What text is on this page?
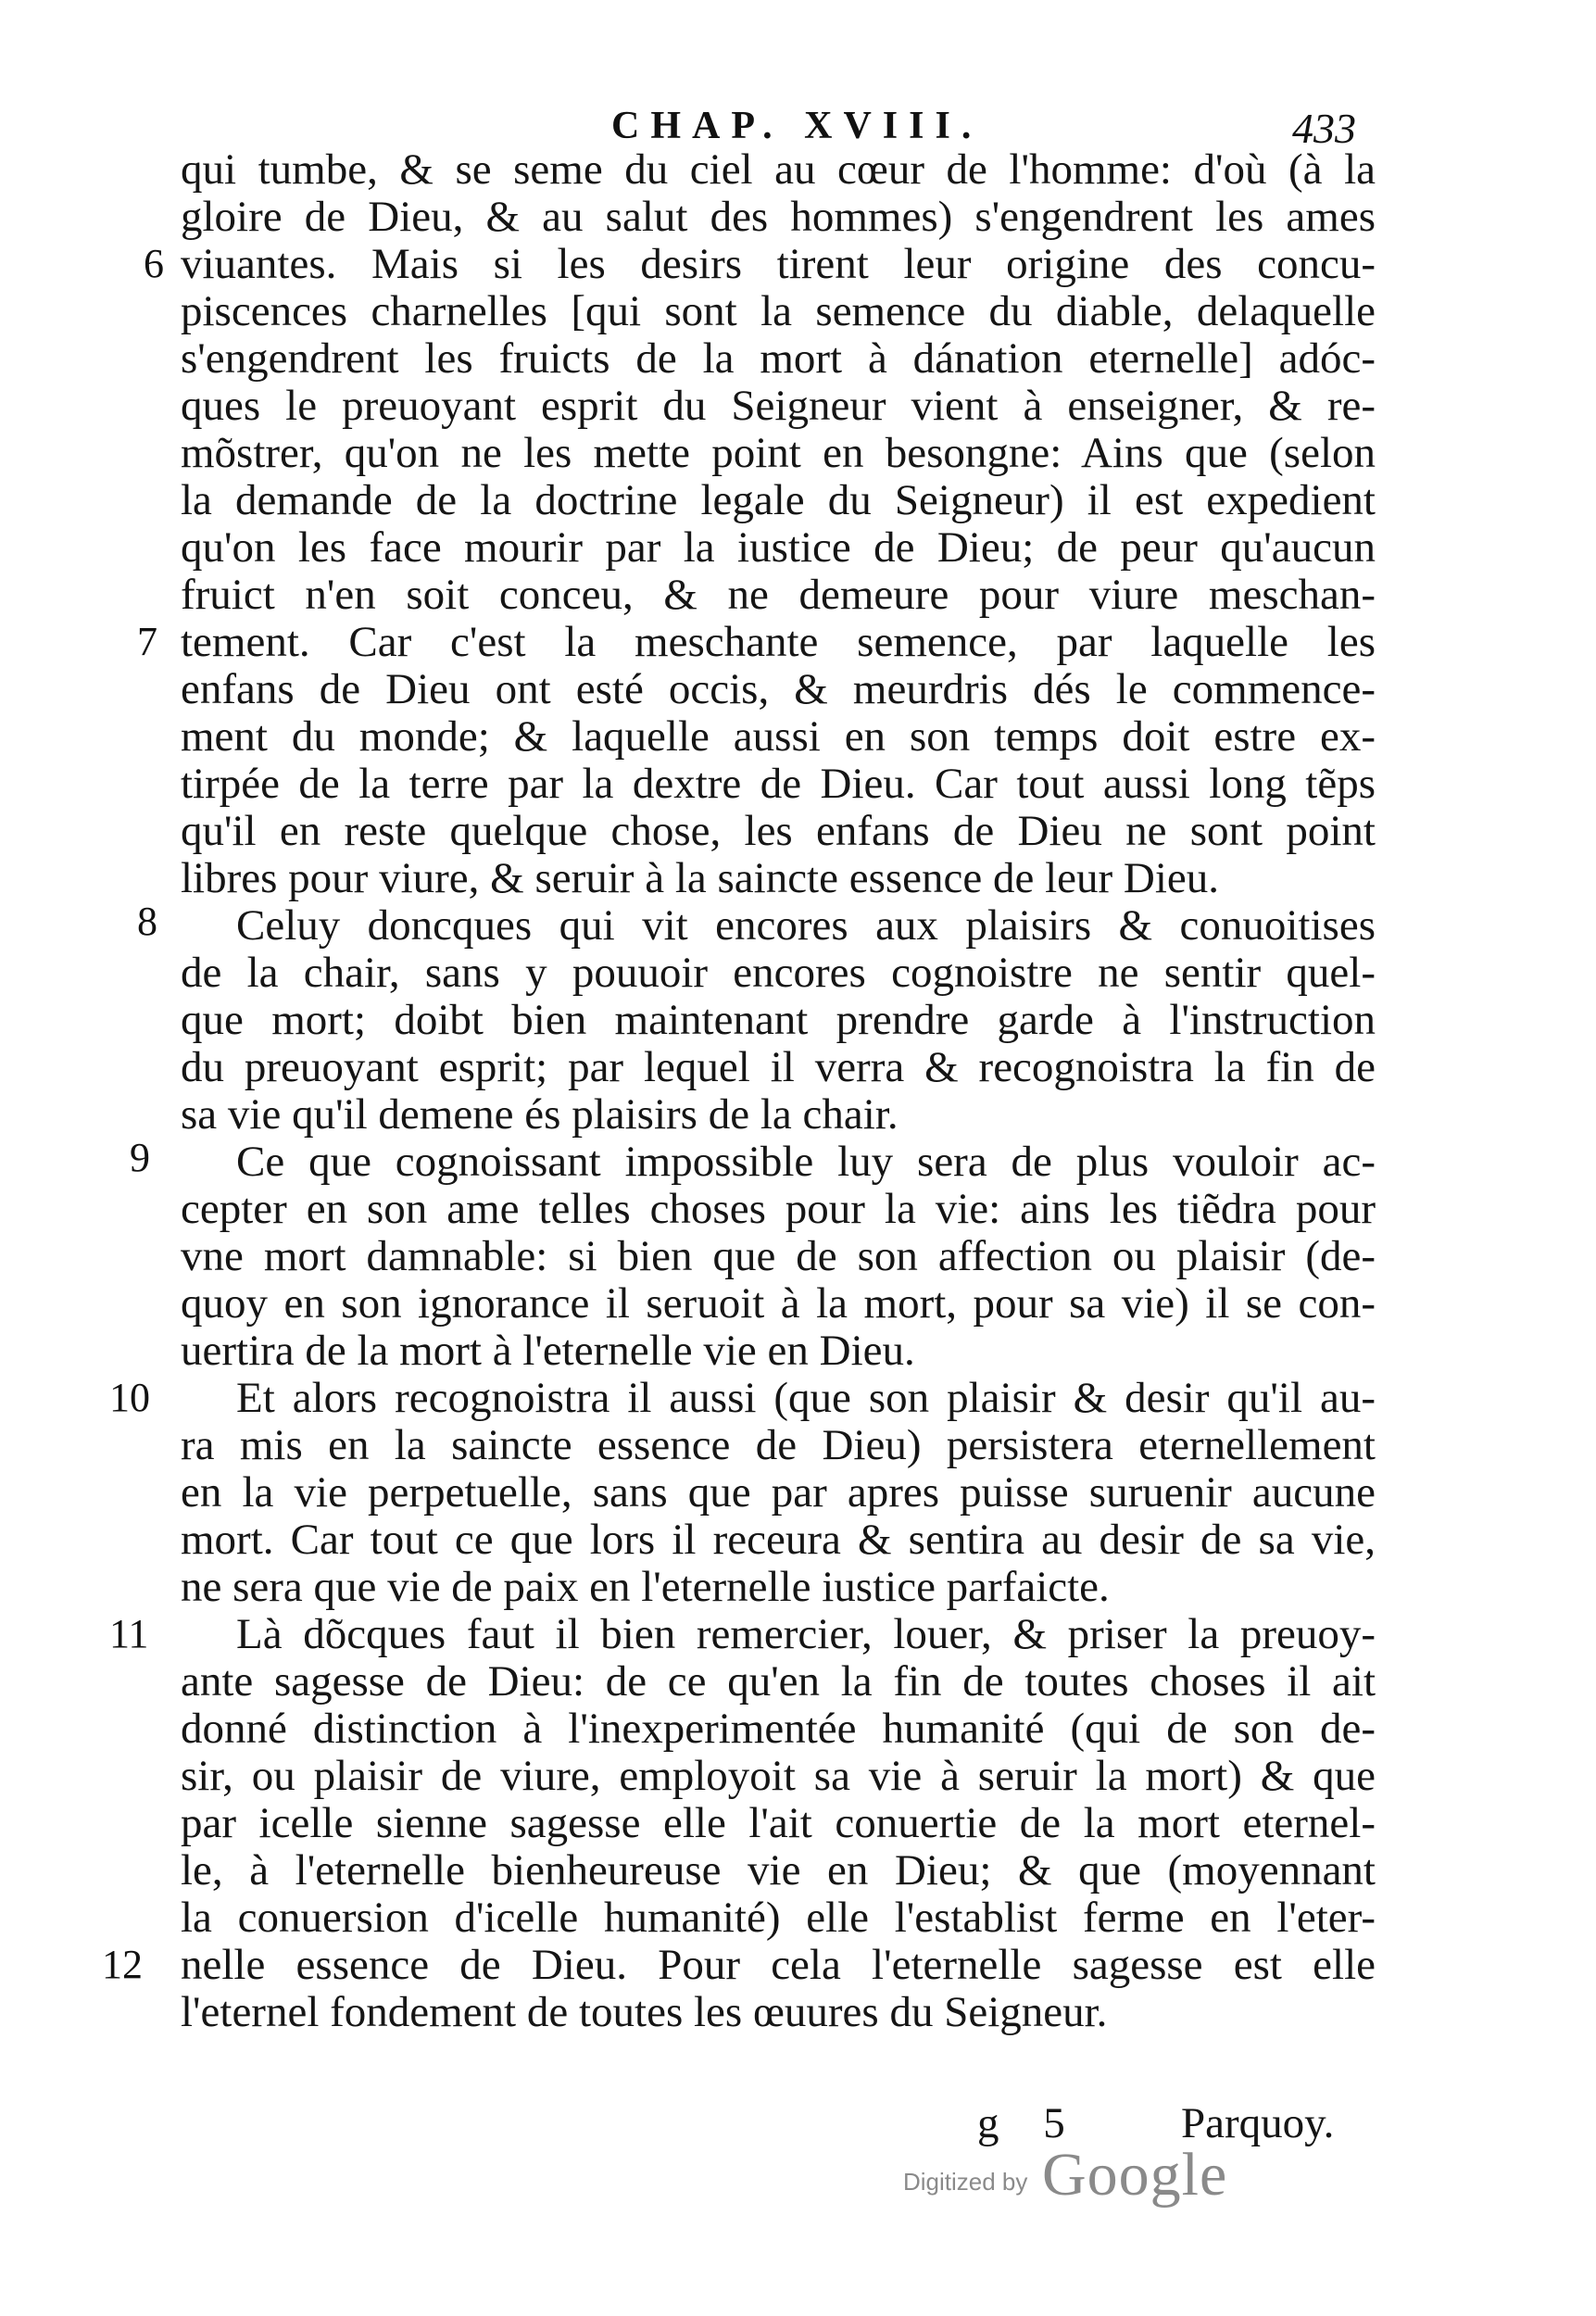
CHAP. XVIII.	433
qui tumbe, & se seme du ciel au cœur de l'homme: d'où (à la
gloire de Dieu, & au salut des hommes) s'engendrent les ames
viuantes. Mais si les desirs tirent leur origine des concu-
piscences charnelles [qui sont la semence du diable, delaquelle
s'engendrent les fruicts de la mort à dánation eternelle] adóc-
ques le preuoyant esprit du Seigneur vient à enseigner, & re-
mõstrer, qu'on ne les mette point en besongne: Ains que (selon
la demande de la doctrine legale du Seigneur) il est expedient
qu'on les face mourir par la iustice de Dieu; de peur qu'aucun
fruict n'en soit conceu, & ne demeure pour viure meschan-
tement. Car c'est la meschante semence, par laquelle les
enfans de Dieu ont esté occis, & meurdris dés le commence-
ment du monde; & laquelle aussi en son temps doit estre ex-
tirpée de la terre par la dextre de Dieu. Car tout aussi long tẽps
qu'il en reste quelque chose, les enfans de Dieu ne sont point
libres pour viure, & seruir à la saincte essence de leur Dieu.
Celuy doncques qui vit encores aux plaisirs & conuoitises
de la chair, sans y pouuoir encores cognoistre ne sentir quel-
que mort; doibt bien maintenant prendre garde à l'instruction
du preuoyant esprit; par lequel il verra & recognoistra la fin de
sa vie qu'il demene és plaisirs de la chair.
Ce que cognoissant impossible luy sera de plus vouloir ac-
cepter en son ame telles choses pour la vie: ains les tiẽdra pour
vne mort damnable: si bien que de son affection ou plaisir (de-
quoy en son ignorance il seruoit à la mort, pour sa vie) il se con-
uertira de la mort à l'eternelle vie en Dieu.
Et alors recognoistra il aussi (que son plaisir & desir qu'il au-
ra mis en la saincte essence de Dieu) persistera eternellement
en la vie perpetuelle, sans que par apres puisse suruenir aucune
mort. Car tout ce que lors il receura & sentira au desir de sa vie,
ne sera que vie de paix en l'eternelle iustice parfaicte.
Là dõcques faut il bien remercier, louer, & priser la preuoy-
ante sagesse de Dieu: de ce qu'en la fin de toutes choses il ait
donné distinction à l'inexperimentée humanité (qui de son de-
sir, ou plaisir de viure, employoit sa vie à seruir la mort) & que
par icelle sienne sagesse elle l'ait conuertie de la mort eternel-
le, à l'eternelle bienheureuse vie en Dieu; & que (moyennant
la conuersion d'icelle humanité) elle l'establist ferme en l'eter-
nelle essence de Dieu. Pour cela l'eternelle sagesse est elle
l'eternel fondement de toutes les œuures du Seigneur.
6
7
8
9
10
11
12
g 5 Parquoy.
Digitized by Google
